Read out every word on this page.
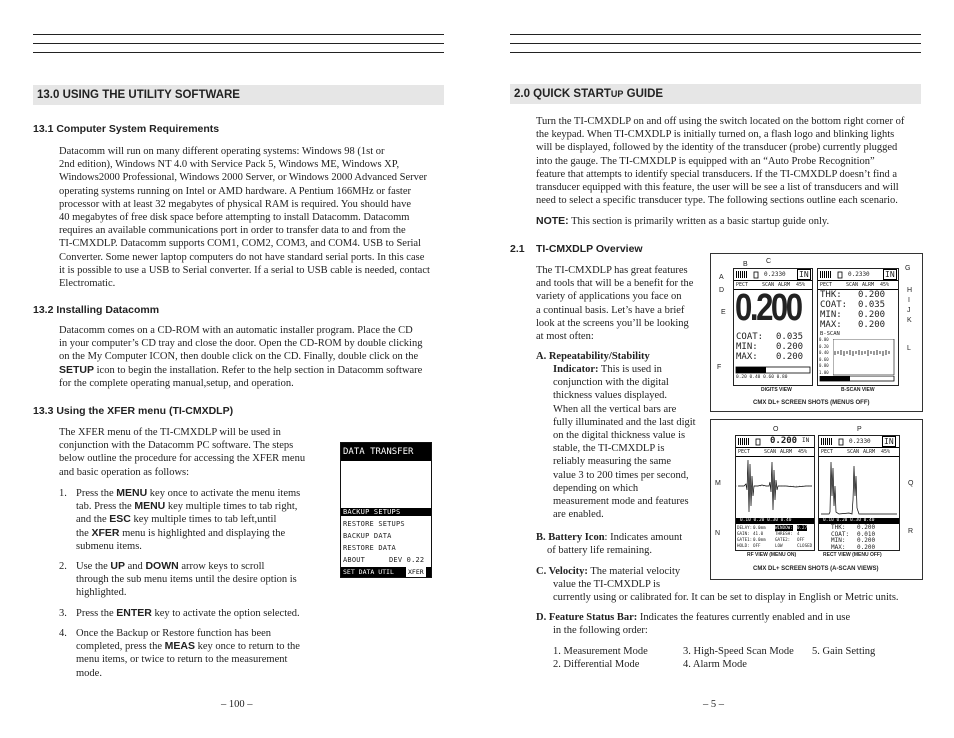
13.0 USING THE UTILITY SOFTWARE
13.1 Computer System Requirements
Datacomm will run on many different operating systems: Windows 98 (1st or
2nd edition), Windows NT 4.0 with Service Pack 5, Windows ME, Windows XP,
Windows2000 Professional, Windows 2000 Server, or Windows 2000 Advanced Server
operating systems running on Intel or AMD hardware. A Pentium 166MHz or faster
processor with at least 32 megabytes of physical RAM is required. You should have
40 megabytes of free disk space before attempting to install Datacomm. Datacomm
requires an available communications port in order to transfer data to and from the
TI-CMXDLP. Datacomm supports COM1, COM2, COM3, and COM4. USB to Serial
Converter. Some newer laptop computers do not have standard serial ports. In this case
it is possible to use a USB to Serial converter. If a serial to USB cable is needed, contact
Electromatic.
13.2 Installing Datacomm
Datacomm comes on a CD-ROM with an automatic installer program. Place the CD
in your computer’s CD tray and close the door. Open the CD-ROM by double clicking
on the My Computer ICON, then double click on the CD. Finally, double click on the
SETUP icon to begin the installation. Refer to the help section in Datacomm software
for the complete operating manual,setup, and operation.
13.3 Using the XFER menu (TI-CMXDLP)
The XFER menu of the TI-CMXDLP will be used in
conjunction with the Datacomm PC software. The steps
below outline the procedure for accessing the XFER menu
and basic operation as follows:
1. Press the MENU key once to activate the menu items
tab. Press the MENU key multiple times to tab right,
and the ESC key multiple times to tab left,until
the XFER menu is highlighted and displaying the
submenu items.
2. Use the UP and DOWN arrow keys to scroll
through the sub menu items until the desire option is
highlighted.
3. Press the ENTER key to activate the option selected.
4. Once the Backup or Restore function has been
completed, press the MEAS key once to return to the
menu items, or twice to return to the measurement
mode.
DATA TRANSFER
BACKUP SETUPS
RESTORE SETUPS
BACKUP DATA
RESTORE DATA
ABOUT	DEV 0.22
SET DATA UTIL	XFER
– 100 –
2.0 QUICK STARTUP GUIDE
Turn the TI-CMXDLP on and off using the switch located on the bottom right corner of
the keypad. When TI-CMXDLP is initially turned on, a flash logo and blinking lights
will be displayed, followed by the identity of the transducer (probe) currently plugged
into the gauge. The TI-CMXDLP is equipped with an “Auto Probe Recognition”
feature that attempts to identify special transducers. If the TI-CMXDLP doesn’t find a
transducer equipped with this feature, the user will be see a list of transducers and will
need to select a specific transducer type. The following sections outline each scenario.
NOTE: This section is primarily written as a basic startup guide only.
2.1 TI-CMXDLP Overview
The TI-CMXDLP has great features
and tools that will be a benefit for the
variety of applications you face on
a continual basis. Let’s have a brief
look at the screens you’ll be looking
at most often:
A. Repeatability/Stability
Indicator: This is used in
conjunction with the digital
thickness values displayed.
When all the vertical bars are
fully illuminated and the last digit
on the digital thickness value is
stable, the TI-CMXDLP is
reliably measuring the same
value 3 to 200 times per second,
depending on which
measurement mode and features
are enabled.
B. Battery Icon: Indicates amount
of battery life remaining.
C. Velocity: The material velocity
value the TI-CMXDLP is
currently using or calibrated for. It can be set to display in English or Metric units.
D. Feature Status Bar: Indicates the features currently enabled and in use
in the following order:
1. Measurement Mode
2. Differential Mode
3. High-Speed Scan Mode
4. Alarm Mode
5. Gain Setting
– 5 –
A
B	C
D
E
F
G
H
I
J
K
L
0.2330 IN
PECT	SCAN ALRM 45%
0.200
COAT: 0.035
MIN: 0.200
MAX: 0.200
0.20 0.40 0.60 0.80
DIGITS VIEW
0.2330 IN
PECT	SCAN ALRM 45%
THK: 0.200
COAT: 0.035
MIN: 0.200
MAX: 0.200
B-SCAN
0.00
0.20
0.40
0.60
0.80
1.00
B-SCAN VIEW
CMX DL+ SCREEN SHOTS (MENUS OFF)
O	P
M
N
Q
R
0.200 IN
PECT	SCAN ALRM 45%
0.10 0.20 0.30 0.40
DELAY: 0.0mm WINDOW: 0.27
GAIN: 41.0	THRESH: 4
GATE1: 0.0mm GATE2: OFF
HOLD: OFF	LOW	CLOSED
RF VIEW (MENU ON)
0.2330 IN
PECT	SCAN ALRM 45%
0.10 0.20 0.30 0.40
THK: 0.200
COAT: 0.010
MIN: 0.200
MAX: 0.200
RECT VIEW (MENU OFF)
CMX DL+ SCREEN SHOTS (A-SCAN VIEWS)
